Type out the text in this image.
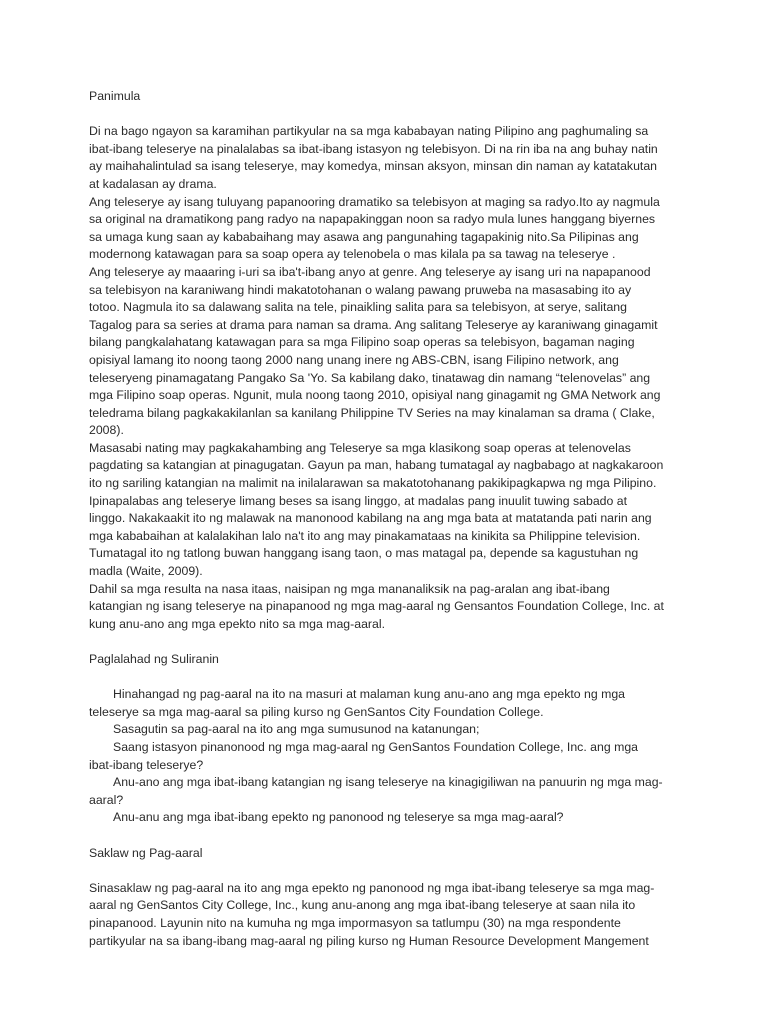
Panimula

Di na bago ngayon sa karamihan partikyular na sa mga kababayan nating Pilipino ang paghumaling sa
ibat-ibang teleserye na pinalalabas sa ibat-ibang istasyon ng telebisyon. Di na rin iba na ang buhay natin
ay maihahalintulad sa isang teleserye, may komedya, minsan aksyon, minsan din naman ay katatakutan
at kadalasan ay drama.

Ang teleserye ay isang tuluyang papanooring dramatiko sa telebisyon at maging sa radyo.Ito ay nagmula
sa original na dramatikong pang radyo na napapakinggan noon sa radyo mula lunes hanggang biyernes
sa umaga kung saan ay kababaihang may asawa ang pangunahing tagapakinig nito.Sa Pilipinas ang
modernong katawagan para sa soap opera ay telenobela o mas kilala pa sa tawag na teleserye .

Ang teleserye ay maaaring i-uri sa iba't-ibang anyo at genre. Ang teleserye ay isang uri na napapanood
sa telebisyon na karaniwang hindi makatotohanan o walang pawang pruweba na masasabing ito ay
totoo. Nagmula ito sa dalawang salita na tele, pinaikling salita para sa telebisyon, at serye, salitang
Tagalog para sa series at drama para naman sa drama. Ang salitang Teleserye ay karaniwang ginagamit
bilang pangkalahatang katawagan para sa mga Filipino soap operas sa telebisyon, bagaman naging
opisiyal lamang ito noong taong 2000 nang unang inere ng ABS-CBN, isang Filipino network, ang
teleseryeng pinamagatang Pangako Sa 'Yo. Sa kabilang dako, tinatawag din namang “telenovelas” ang
mga Filipino soap operas. Ngunit, mula noong taong 2010, opisiyal nang ginagamit ng GMA Network ang
teledrama bilang pagkakakilanlan sa kanilang Philippine TV Series na may kinalaman sa drama ( Clake,
2008).

Masasabi nating may pagkakahambing ang Teleserye sa mga klasikong soap operas at telenovelas
pagdating sa katangian at pinagugatan. Gayun pa man, habang tumatagal ay nagbabago at nagkakaroon
ito ng sariling katangian na malimit na inilalarawan sa makatotohanang pakikipagkapwa ng mga Pilipino.
Ipinapalabas ang teleserye limang beses sa isang linggo, at madalas pang inuulit tuwing sabado at
linggo. Nakakaakit ito ng malawak na manonood kabilang na ang mga bata at matatanda pati narin ang
mga kababaihan at kalalakihan lalo na't ito ang may pinakamataas na kinikita sa Philippine television.
Tumatagal ito ng tatlong buwan hanggang isang taon, o mas matagal pa, depende sa kagustuhan ng
madla (Waite, 2009).

Dahil sa mga resulta na nasa itaas, naisipan ng mga mananaliksik na pag-aralan ang ibat-ibang
katangian ng isang teleserye na pinapanood ng mga mag-aaral ng Gensantos Foundation College, Inc. at
kung anu-ano ang mga epekto nito sa mga mag-aaral.

Paglalahad ng Suliranin

Hinahangad ng pag-aaral na ito na masuri at malaman kung anu-ano ang mga epekto ng mga

teleserye sa mga mag-aaral sa piling kurso ng GenSantos City Foundation College.

Sasagutin sa pag-aaral na ito ang mga sumusunod na katanungan;

Saang istasyon pinanonood ng mga mag-aaral ng GenSantos Foundation College, Inc. ang mga

ibat-ibang teleserye?

Anu-ano ang mga ibat-ibang katangian ng isang teleserye na kinagigiliwan na panuurin ng mga mag-

aaral?

Anu-anu ang mga ibat-ibang epekto ng panonood ng teleserye sa mga mag-aaral?

Saklaw ng Pag-aaral

Sinasaklaw ng pag-aaral na ito ang mga epekto ng panonood ng mga ibat-ibang teleserye sa mga mag-
aaral ng GenSantos City College, Inc., kung anu-anong ang mga ibat-ibang teleserye at saan nila ito
pinapanood. Layunin nito na kumuha ng mga impormasyon sa tatlumpu (30) na mga respondente
partikyular na sa ibang-ibang mag-aaral ng piling kurso ng Human Resource Development Mangement
